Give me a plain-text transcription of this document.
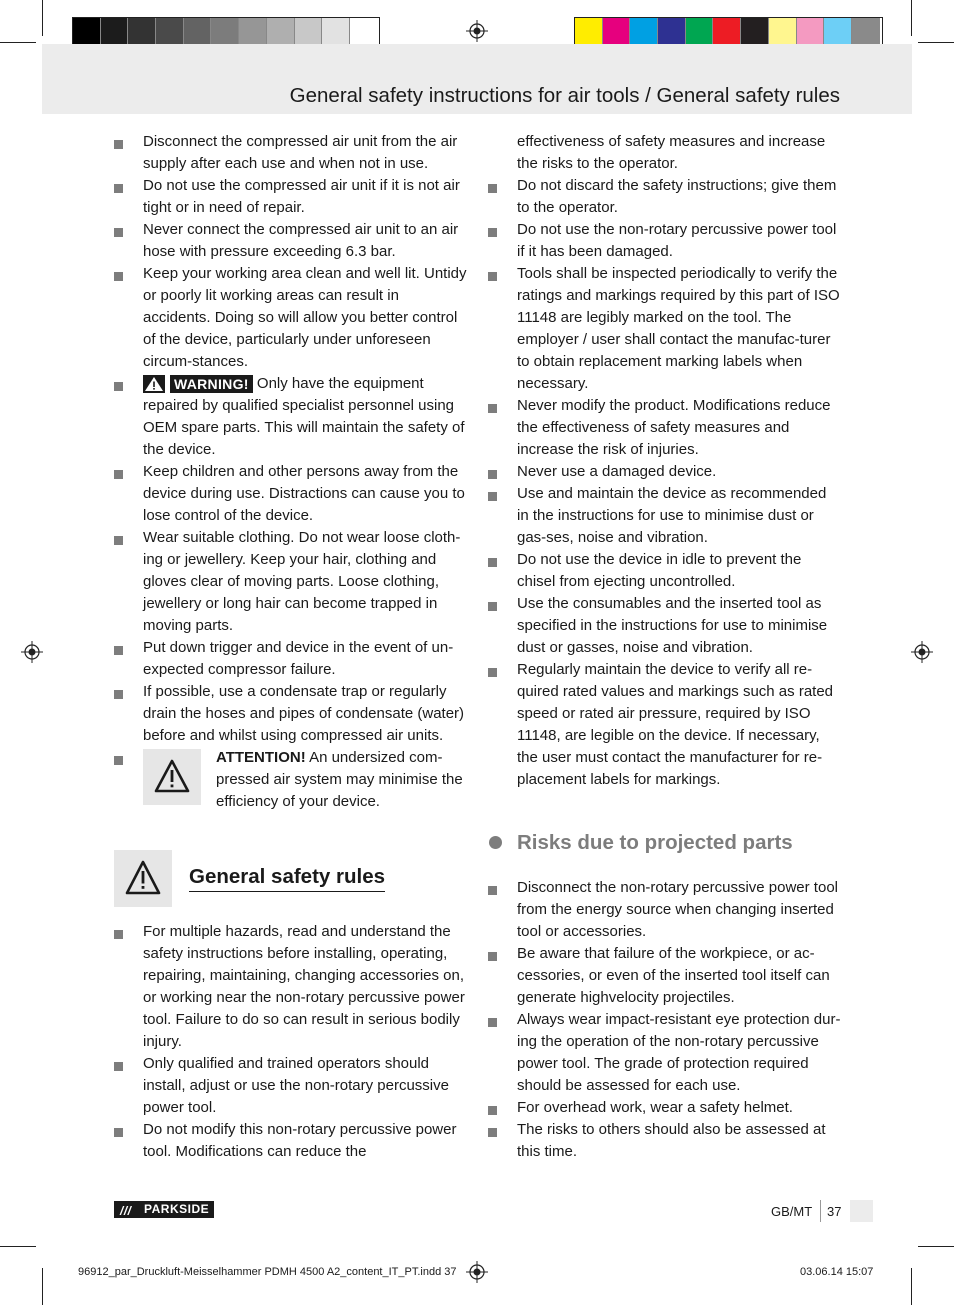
General safety instructions for air tools / General safety rules
Disconnect the compressed air unit from the air supply after each use and when not in use.
Do not use the compressed air unit if it is not air tight or in need of repair.
Never connect the compressed air unit to an air hose with pressure exceeding 6.3 bar.
Keep your working area clean and well lit. Untidy or poorly lit working areas can result in accidents. Doing so will allow you better control of the device, particularly under unforeseen circum-stances.
WARNING! Only have the equipment repaired by qualified specialist personnel using OEM spare parts. This will maintain the safety of the device.
Keep children and other persons away from the device during use. Distractions can cause you to lose control of the device.
Wear suitable clothing. Do not wear loose cloth-ing or jewellery. Keep your hair, clothing and gloves clear of moving parts. Loose clothing, jewellery or long hair can become trapped in moving parts.
Put down trigger and device in the event of un-expected compressor failure.
If possible, use a condensate trap or regularly drain the hoses and pipes of condensate (water) before and whilst using compressed air units.
ATTENTION! An undersized com-pressed air system may minimise the efficiency of your device.
General safety rules
For multiple hazards, read and understand the safety instructions before installing, operating, repairing, maintaining, changing accessories on, or working near the non-rotary percussive power tool. Failure to do so can result in serious bodily injury.
Only qualified and trained operators should install, adjust or use the non-rotary percussive power tool.
Do not modify this non-rotary percussive power tool. Modifications can reduce the
effectiveness of safety measures and increase the risks to the operator.
Do not discard the safety instructions; give them to the operator.
Do not use the non-rotary percussive power tool if it has been damaged.
Tools shall be inspected periodically to verify the ratings and markings required by this part of ISO 11148 are legibly marked on the tool. The employer / user shall contact the manufac-turer to obtain replacement marking labels when necessary.
Never modify the product. Modifications reduce the effectiveness of safety measures and increase the risk of injuries.
Never use a damaged device.
Use and maintain the device as recommended in the instructions for use to minimise dust or gas-ses, noise and vibration.
Do not use the device in idle to prevent the chisel from ejecting uncontrolled.
Use the consumables and the inserted tool as specified in the instructions for use to minimise dust or gasses, noise and vibration.
Regularly maintain the device to verify all re-quired rated values and markings such as rated speed or rated air pressure, required by ISO 11148, are legible on the device. If necessary, the user must contact the manufacturer for re-placement labels for markings.
Risks due to projected parts
Disconnect the non-rotary percussive power tool from the energy source when changing inserted tool or accessories.
Be aware that failure of the workpiece, or ac-cessories, or even of the inserted tool itself can generate highvelocity projectiles.
Always wear impact-resistant eye protection dur-ing the operation of the non-rotary percussive power tool. The grade of protection required should be assessed for each use.
For overhead work, wear a safety helmet.
The risks to others should also be assessed at this time.
/// PARKSIDE	GB/MT 37
96912_par_Druckluft-Meisselhammer PDMH 4500 A2_content_IT_PT.indd 37	03.06.14 15:07
